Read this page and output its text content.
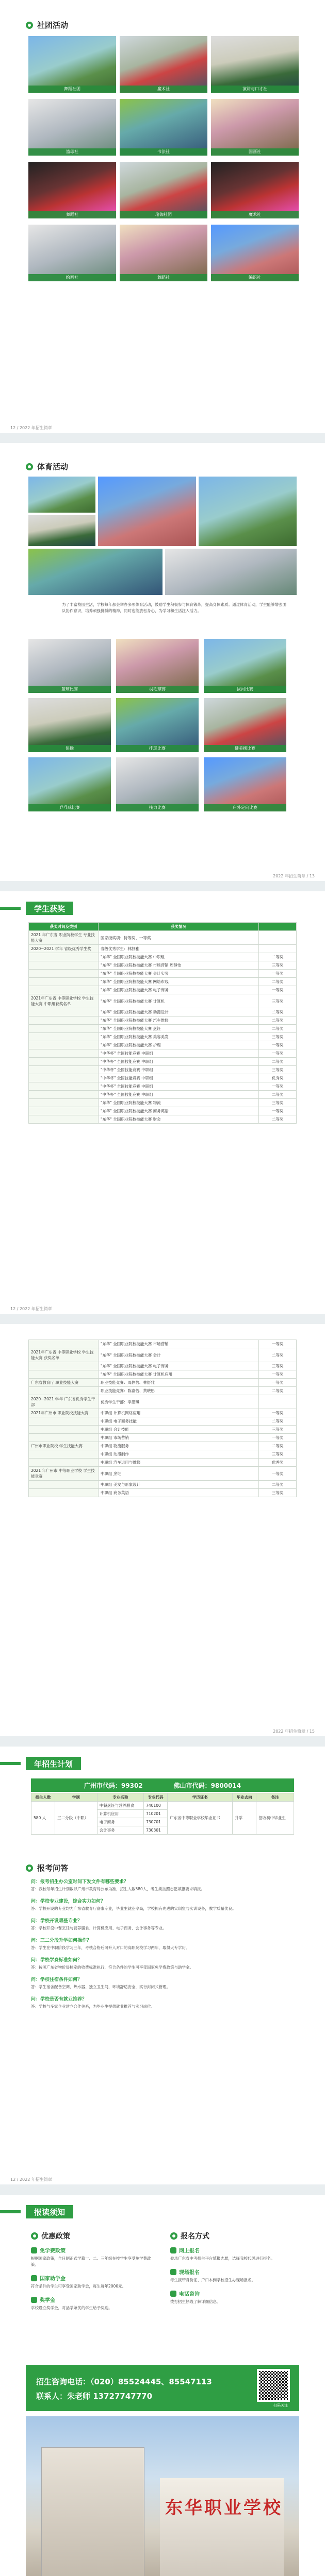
社团活动
舞蹈社团	魔术社	演讲与口才社
篮球社	书法社	国画社
舞蹈社	瑜伽社团	魔术社
绘画社	舞蹈社	编织社
12 / 2022 年招生简章
体育活动
为了丰富校园生活，学校每年都会举办多项体育活动，鼓励学生积极参与体育锻炼，提高身体素质。通过体育活动，学生能够增强团队协作意识，培养顽强拼搏的精神，同时也能放松身心，为学习和生活注入活力。
篮球比赛	羽毛球赛	拔河比赛
体操	排球比赛	健美操比赛
乒乓球比赛	接力比赛	户外定向比赛
2022 年招生简章 / 13
学生获奖
获奖时间及类别	获奖情况	
2021 年广东省 职业院校学生 专业技能大赛	国家级奖项：特等奖、一等奖	
2020~2021 学年 省级优秀学生奖	省级优秀学生：林舒雅	
	"东华" 全国职业院校技能大赛 中职组	二等奖
	"东华" 全国职业院校技能大赛 市场营销 周静怡	三等奖
	"东华" 全国职业院校技能大赛 会计实务	一等奖
	"东华" 全国职业院校技能大赛 网络布线	二等奖
	"东华" 全国职业院校技能大赛 电子商务	一等奖
2021年广东省 中等职业学校 学生技能大赛 中职组获奖名单	"东华" 全国职业院校技能大赛 计算机	三等奖
	"东华" 全国职业院校技能大赛 动漫设计	二等奖
	"东华" 全国职业院校技能大赛 汽车维修	二等奖
	"东华" 全国职业院校技能大赛 烹饪	二等奖
	"东华" 全国职业院校技能大赛 美容美发	三等奖
	"东华" 全国职业院校技能大赛 护理	一等奖
	"中华杯" 全国技能竞赛 中职组	一等奖
	"中华杯" 全国技能竞赛 中职组	二等奖
	"中华杯" 全国技能竞赛 中职组	三等奖
	"中华杯" 全国技能竞赛 中职组	优秀奖
	"中华杯" 全国技能竞赛 中职组	一等奖
	"中华杯" 全国技能竞赛 中职组	二等奖
	"东华" 全国职业院校技能大赛 物流	三等奖
	"东华" 全国职业院校技能大赛 商务英语	一等奖
	"东华" 全国职业院校技能大赛 财会	二等奖
12 / 2022 年招生简章
	"东华" 全国职业院校技能大赛 市场营销	一等奖
2021年广东省 中等职业学校 学生技能大赛 获奖名单	"东华" 全国职业院校技能大赛 会计	二等奖
	"东华" 全国职业院校技能大赛 电子商务	三等奖
	"东华" 全国职业院校技能大赛 计算机应用	一等奖
广东省教育厅 职业技能大赛	职业技能竞赛：周静怡、林舒雅	一等奖
	职业技能竞赛：陈嘉怡、黄晓彤	二等奖
2020~2021 学年 广东省优秀学生干部	优秀学生干部：李思琪	
2021年广州市 职业院校技能大赛	中职组 计算机网络应用	一等奖
	中职组 电子商务技能	二等奖
	中职组 会计技能	三等奖
	中职组 市场营销	一等奖
广州市职业院校 学生技能大赛	中职组 物流服务	二等奖
	中职组 动漫制作	三等奖
	中职组 汽车运用与维修	优秀奖
2021 年广州市 中等职业学校 学生技能竞赛	中职组 烹饪	一等奖
	中职组 美发与形象设计	二等奖
	中职组 商务英语	三等奖
2022 年招生简章 / 15
年招生计划
广州市代码：99302	佛山市代码：9800014
招生人数	学制	专业名称	专业代码	学历证书	毕业去向	备注
580 人	三二分段（中职）	中餐烹饪与营养膳食	740100	广东省中等职业学校毕业证书	升学	招收初中毕业生
		计算机应用	710201			
		电子商务	730701			
		会计事务	730301			
报考问答
问：报考招生办公室时间下发文件有哪些要求？
答：我校每年招生计划数以广州市教育局公布为准，招生人数580人，考生须按照志愿填报要求填报。
问：学校专业建设，综合实力如何？
答：学校开设的专业均为广东省教育厅备案专业，毕业生就业率高，学校拥有先进的实训室与实训设备，教学质量优良。
问：学校开设哪些专业？
答：学校开设中餐烹饪与营养膳食、计算机应用、电子商务、会计事务等专业。
问：三二分段升学如何操作？
答：学生在中职阶段学习三年，考核合格后可升入对口的高职院校学习两年，取得大专学历。
问：学校学费标准如何？
答：按照广东省物价局核定的收费标准执行，符合条件的学生可享受国家免学费政策与助学金。
问：学校住宿条件如何？
答：学生宿舍配备空调、热水器、独立卫生间，环境舒适安全，实行封闭式管理。
问：学校是否有就业推荐？
答：学校与多家企业建立合作关系，为毕业生提供就业推荐与实习岗位。
12 / 2022 年招生简章
报读须知
优惠政策	报名方式
免学费政策
根据国家政策，全日制正式学籍一、二、三年级在校学生享受免学费政策。
国家助学金
符合条件的学生可享受国家助学金，每生每年2000元。
奖学金
学校设立奖学金，对品学兼优的学生给予奖励。
网上报名
登录广东省中考招生平台填报志愿，选择我校代码进行报名。
现场报名
考生携带身份证、户口本到学校招生办现场报名。
电话咨询
拨打招生热线了解详细信息。
招生咨询电话：（020）85524445、85547113
联系人：朱老师 13727747770
扫码关注
东华职业学校
